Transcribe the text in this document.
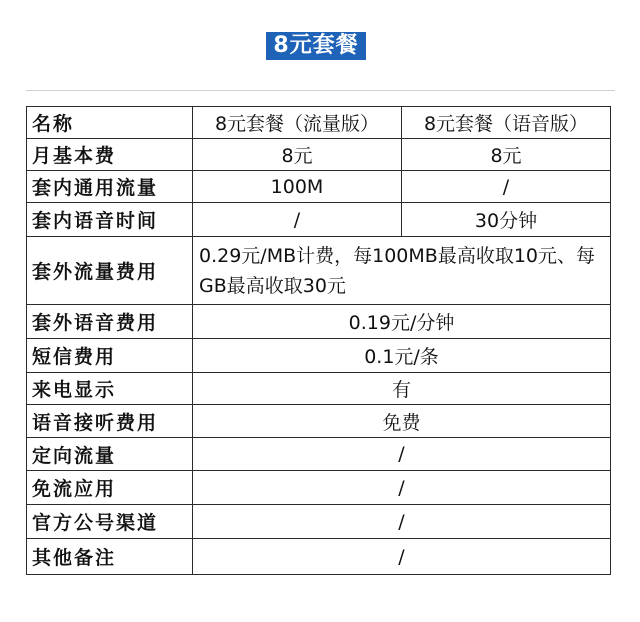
8元套餐
名称	8元套餐（流量版）	8元套餐（语音版）
月基本费	8元	8元
套内通用流量	100M	/
套内语音时间	/	30分钟
套外流量费用	0.29元/MB计费，每100MB最高收取10元、每GB最高收取30元	
套外语音费用	0.19元/分钟	
短信费用	0.1元/条	
来电显示	有	
语音接听费用	免费	
定向流量	/	
免流应用	/	
官方公号渠道	/	
其他备注	/	
